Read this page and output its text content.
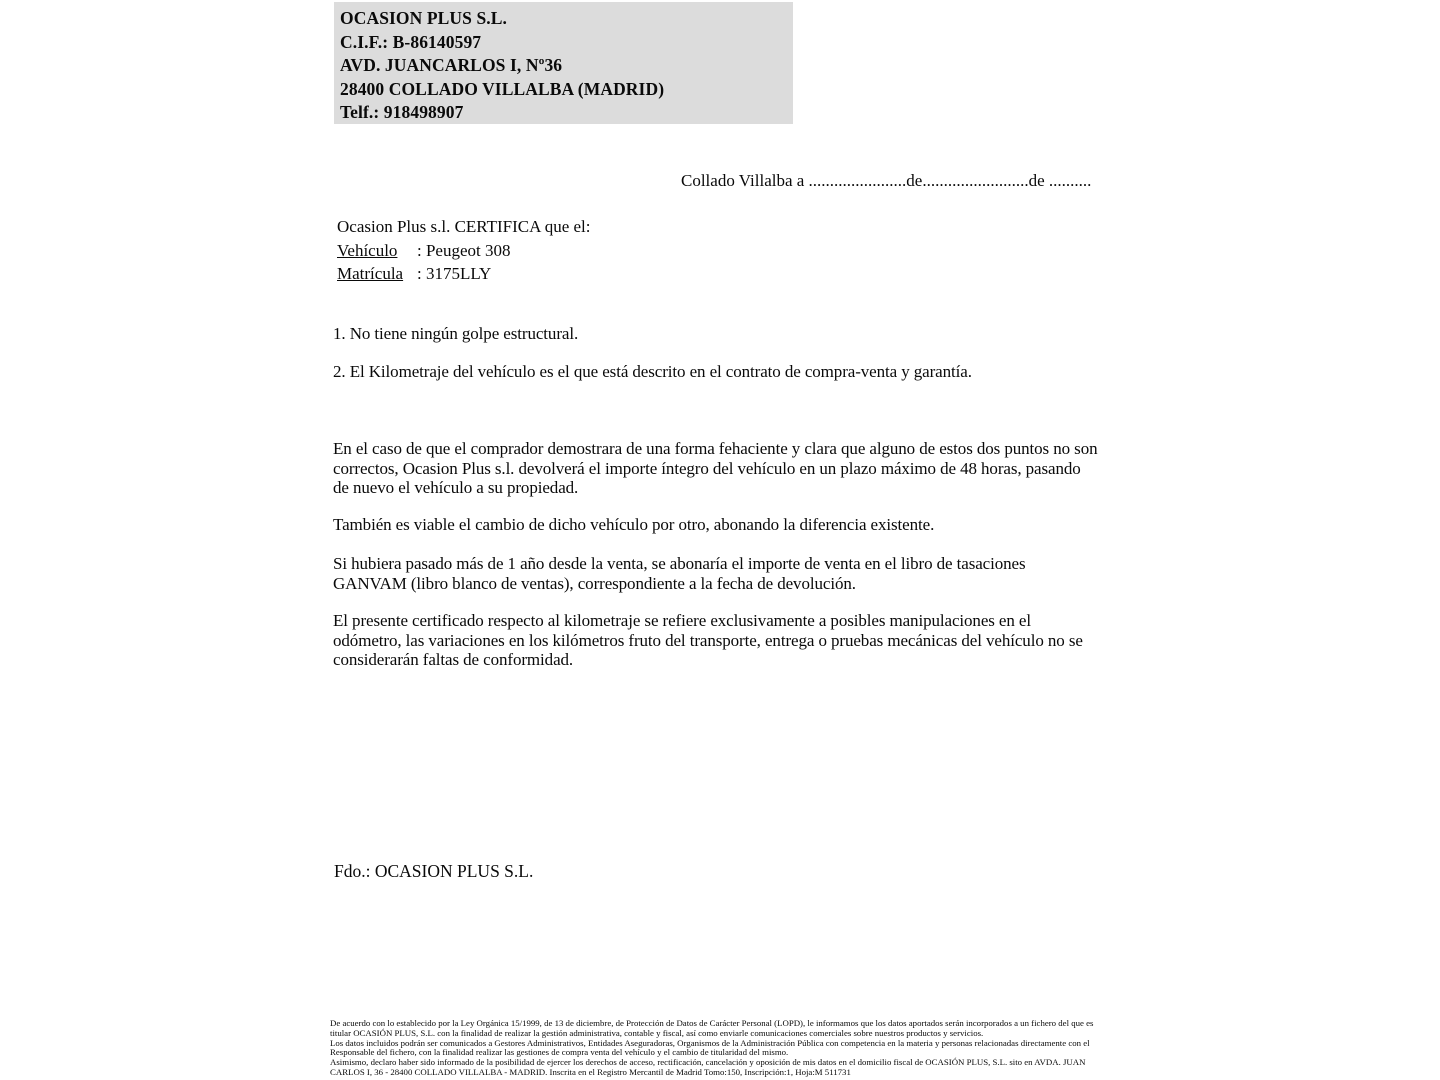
OCASION PLUS S.L.
C.I.F.: B-86140597
AVD. JUANCARLOS I, Nº36
28400 COLLADO VILLALBA (MADRID)
Telf.: 918498907
Collado Villalba a .......................de.........................de ..........
Ocasion Plus s.l. CERTIFICA que el:
Vehículo	: Peugeot 308
Matrícula : 3175LLY
1. No tiene ningún golpe estructural.
2. El Kilometraje del vehículo es el que está descrito en el contrato de compra-venta y garantía.
En el caso de que el comprador demostrara de una forma fehaciente y clara que alguno de estos dos puntos no son correctos, Ocasion Plus s.l. devolverá el importe íntegro del vehículo en un plazo máximo de 48 horas, pasando de nuevo el vehículo a su propiedad.
También es viable el cambio de dicho vehículo por otro, abonando la diferencia existente.
Si hubiera pasado más de 1 año desde la venta, se abonaría el importe de venta en el libro de tasaciones GANVAM (libro blanco de ventas), correspondiente a la fecha de devolución.
El presente certificado respecto al kilometraje se refiere exclusivamente a posibles manipulaciones en el odómetro, las variaciones en los kilómetros fruto del transporte, entrega o pruebas mecánicas del vehículo no se considerarán faltas de conformidad.
Fdo.: OCASION PLUS S.L.

De acuerdo con lo establecido por la Ley Orgánica 15/1999, de 13 de diciembre, de Protección de Datos de Carácter Personal (LOPD), le informamos que los datos aportados serán incorporados a un fichero del que es titular OCASIÓN PLUS, S.L. con la finalidad de realizar la gestión administrativa, contable y fiscal, así como enviarle comunicaciones comerciales sobre nuestros productos y servicios.

Los datos incluidos podrán ser comunicados a Gestores Administrativos, Entidades Aseguradoras, Organismos de la Administración Pública con competencia en la materia y personas relacionadas directamente con el Responsable del fichero, con la finalidad realizar las gestiones de compra venta del vehículo y el cambio de titularidad del mismo.

Asimismo, declaro haber sido informado de la posibilidad de ejercer los derechos de acceso, rectificación, cancelación y oposición de mis datos en el domicilio fiscal de OCASIÓN PLUS, S.L. sito en AVDA. JUAN CARLOS I, 36 - 28400 COLLADO VILLALBA - MADRID. Inscrita en el Registro Mercantil de Madrid Tomo:150, Inscripción:1, Hoja:M 511731
